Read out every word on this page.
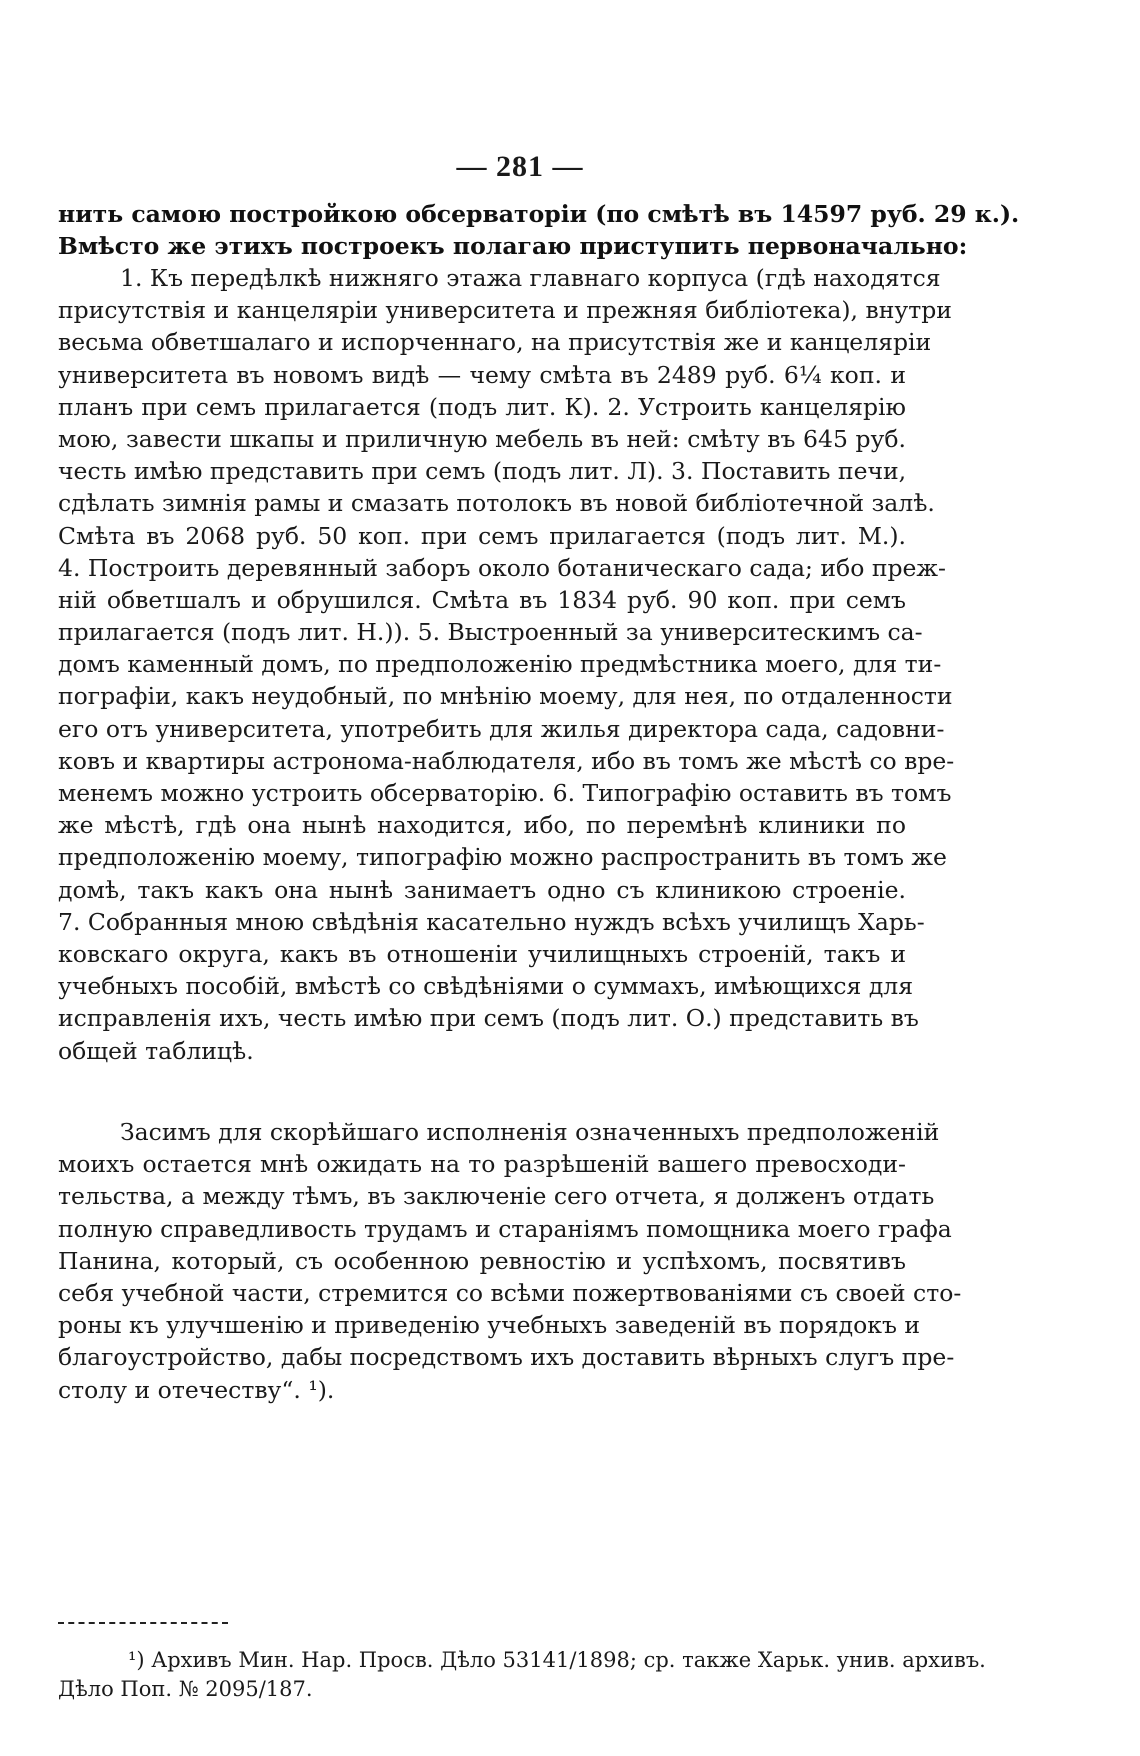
— 281 —
нить самою постройкою обсерваторіи (по смѣтѣ въ 14597 руб. 29 к.).
Вмѣсто же этихъ построекъ полагаю приступить первоначально:
1. Къ передѣлкѣ нижняго этажа главнаго корпуса (гдѣ находятся
присутствія и канцеляріи университета и прежняя библіотека), внутри
весьма обветшалаго и испорченнаго, на присутствія же и канцеляріи
университета въ новомъ видѣ — чему смѣта въ 2489 руб. 6¼ коп. и
планъ при семъ прилагается (подъ лит. К). 2. Устроить канцелярію
мою, завести шкапы и приличную мебель въ ней: смѣту въ 645 руб.
честь имѣю представить при семъ (подъ лит. Л). 3. Поставить печи,
сдѣлать зимнія рамы и смазать потолокъ въ новой библіотечной залѣ.
Смѣта въ 2068 руб. 50 коп. при семъ прилагается (подъ лит. М.).
4. Построить деревянный заборъ около ботаническаго сада; ибо преж-
ній обветшалъ и обрушился. Смѣта въ 1834 руб. 90 коп. при семъ
прилагается (подъ лит. Н.)). 5. Выстроенный за университескимъ са-
домъ каменный домъ, по предположенію предмѣстника моего, для ти-
пографіи, какъ неудобный, по мнѣнію моему, для нея, по отдаленности
его отъ университета, употребить для жилья директора сада, садовни-
ковъ и квартиры астронома-наблюдателя, ибо въ томъ же мѣстѣ со вре-
менемъ можно устроить обсерваторію. 6. Типографію оставить въ томъ
же мѣстѣ, гдѣ она нынѣ находится, ибо, по перемѣнѣ клиники по
предположенію моему, типографію можно распространить въ томъ же
домѣ, такъ какъ она нынѣ занимаетъ одно съ клиникою строеніе.
7. Собранныя мною свѣдѣнія касательно нуждъ всѣхъ училищъ Харь-
ковскаго округа, какъ въ отношеніи училищныхъ строеній, такъ и
учебныхъ пособій, вмѣстѣ со свѣдѣніями о суммахъ, имѣющихся для
исправленія ихъ, честь имѣю при семъ (подъ лит. О.) представить въ
общей таблицѣ.
Засимъ для скорѣйшаго исполненія означенныхъ предположеній
моихъ остается мнѣ ожидать на то разрѣшеній вашего превосходи-
тельства, а между тѣмъ, въ заключеніе сего отчета, я долженъ отдать
полную справедливость трудамъ и стараніямъ помощника моего графа
Панина, который, съ особенною ревностію и успѣхомъ, посвятивъ
себя учебной части, стремится со всѣми пожертвованіями съ своей сто-
роны къ улучшенію и приведенію учебныхъ заведеній въ порядокъ и
благоустройство, дабы посредствомъ ихъ доставить вѣрныхъ слугъ пре-
столу и отечеству“. ¹).
¹) Архивъ Мин. Нар. Просв. Дѣло 53141/1898; ср. также Харьк. унив. архивъ.
Дѣло Поп. № 2095/187.
